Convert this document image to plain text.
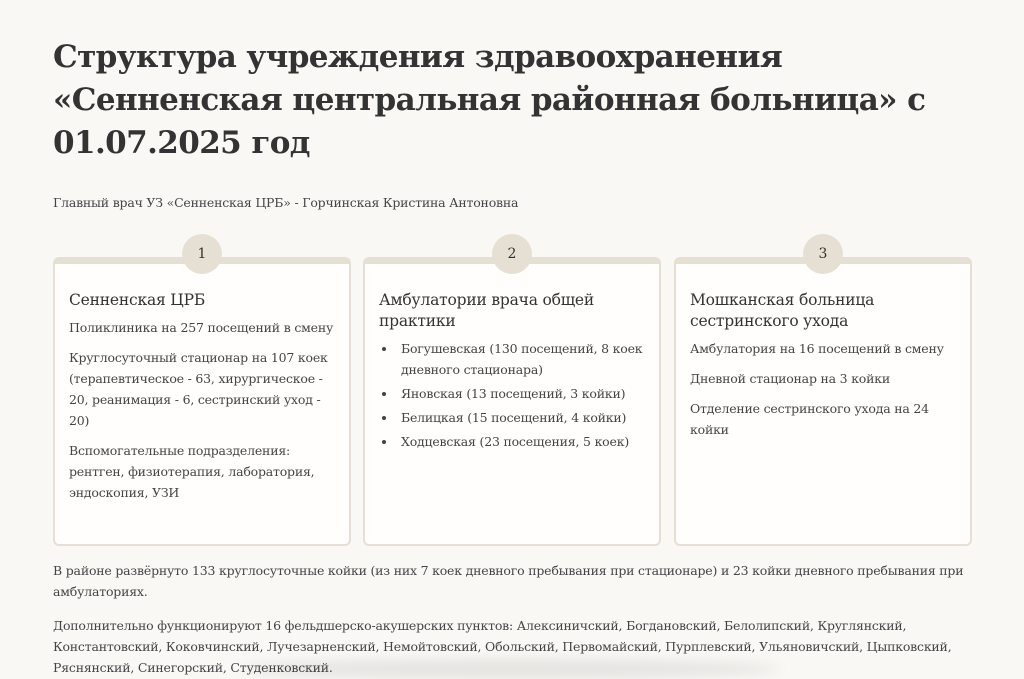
Структура учреждения здравоохранения «Сенненская центральная районная больница» с 01.07.2025 год
Главный врач УЗ «Сенненская ЦРБ» - Горчинская Кристина Антоновна
1
Сенненская ЦРБ

Поликлиника на 257 посещений в смену

Круглосуточный стационар на 107 коек (терапевтическое - 63, хирургическое - 20, реанимация - 6, сестринский уход - 20)

Вспомогательные подразделения: рентген, физиотерапия, лаборатория, эндоскопия, УЗИ

2
Амбулатории врача общей практики
• Богушевская (130 посещений, 8 коек дневного стационара)
• Яновская (13 посещений, 3 койки)
• Белицкая (15 посещений, 4 койки)
• Ходцевская (23 посещения, 5 коек)
3
Мошканская больница сестринского ухода

Амбулатория на 16 посещений в смену

Дневной стационар на 3 койки

Отделение сестринского ухода на 24 койки

В районе развёрнуто 133 круглосуточные койки (из них 7 коек дневного пребывания при стационаре) и 23 койки дневного пребывания при амбулаториях.

Дополнительно функционируют 16 фельдшерско-акушерских пунктов: Алексиничский, Богдановский, Белолипский, Круглянский, Константовский, Коковчинский, Лучезарненский, Немойтовский, Обольский, Первомайский, Пурплевский, Ульяновичский, Цыпковский, Ряснянский, Синегорский, Студенковский.
